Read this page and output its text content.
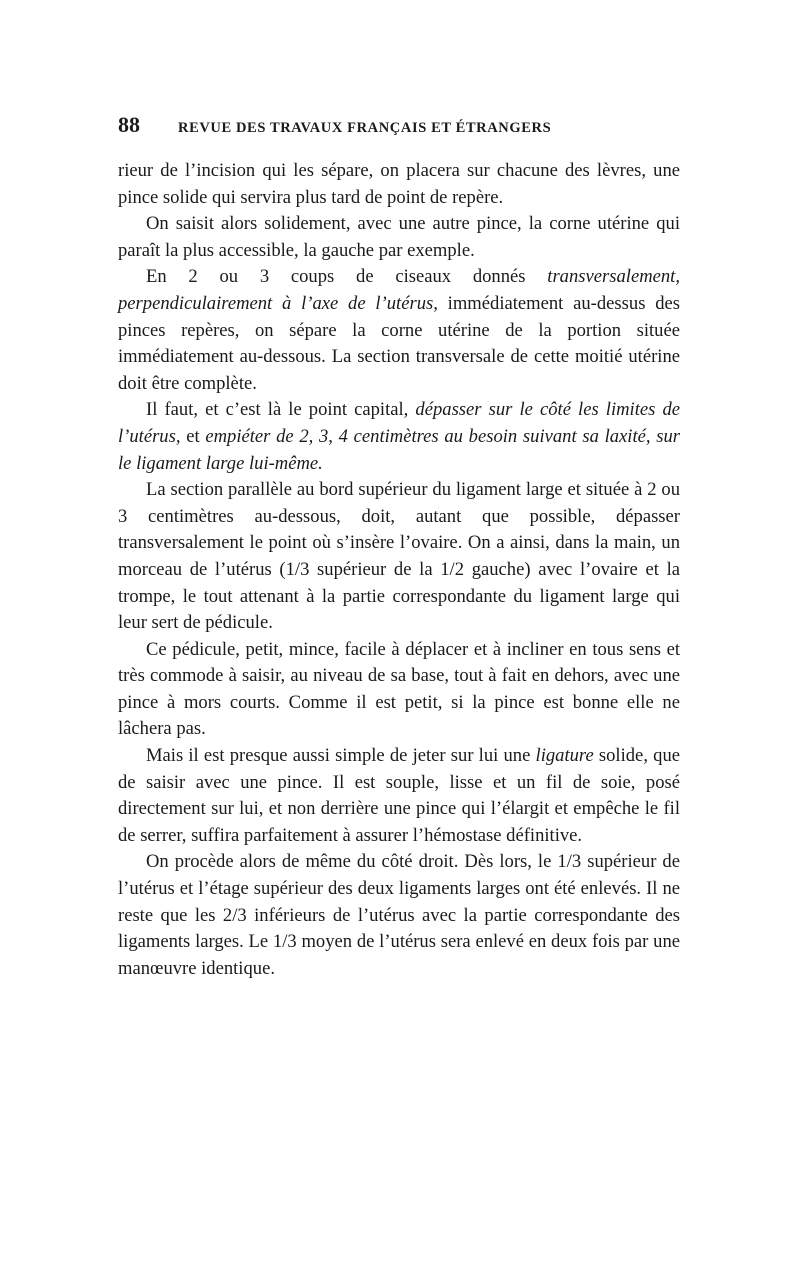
88	REVUE DES TRAVAUX FRANÇAIS ET ÉTRANGERS

rieur de l’incision qui les sépare, on placera sur chacune des lèvres, une pince solide qui servira plus tard de point de repère.

On saisit alors solidement, avec une autre pince, la corne utérine qui paraît la plus accessible, la gauche par exemple.

En 2 ou 3 coups de ciseaux donnés transversalement, perpendiculairement à l’axe de l’utérus, immédiatement au-dessus des pinces repères, on sépare la corne utérine de la portion située immédiatement au-dessous. La section transversale de cette moitié utérine doit être complète.

Il faut, et c’est là le point capital, dépasser sur le côté les limites de l’utérus, et empiéter de 2, 3, 4 centimètres au besoin suivant sa laxité, sur le ligament large lui-même.

La section parallèle au bord supérieur du ligament large et située à 2 ou 3 centimètres au-dessous, doit, autant que possible, dépasser transversalement le point où s’insère l’ovaire. On a ainsi, dans la main, un morceau de l’utérus (1/3 supérieur de la 1/2 gauche) avec l’ovaire et la trompe, le tout attenant à la partie correspondante du ligament large qui leur sert de pédicule.

Ce pédicule, petit, mince, facile à déplacer et à incliner en tous sens et très commode à saisir, au niveau de sa base, tout à fait en dehors, avec une pince à mors courts. Comme il est petit, si la pince est bonne elle ne lâchera pas.

Mais il est presque aussi simple de jeter sur lui une ligature solide, que de saisir avec une pince. Il est souple, lisse et un fil de soie, posé directement sur lui, et non derrière une pince qui l’élargit et empêche le fil de serrer, suffira parfaitement à assurer l’hémostase définitive.

On procède alors de même du côté droit. Dès lors, le 1/3 supérieur de l’utérus et l’étage supérieur des deux ligaments larges ont été enlevés. Il ne reste que les 2/3 inférieurs de l’utérus avec la partie correspondante des ligaments larges. Le 1/3 moyen de l’utérus sera enlevé en deux fois par une manœuvre identique.
